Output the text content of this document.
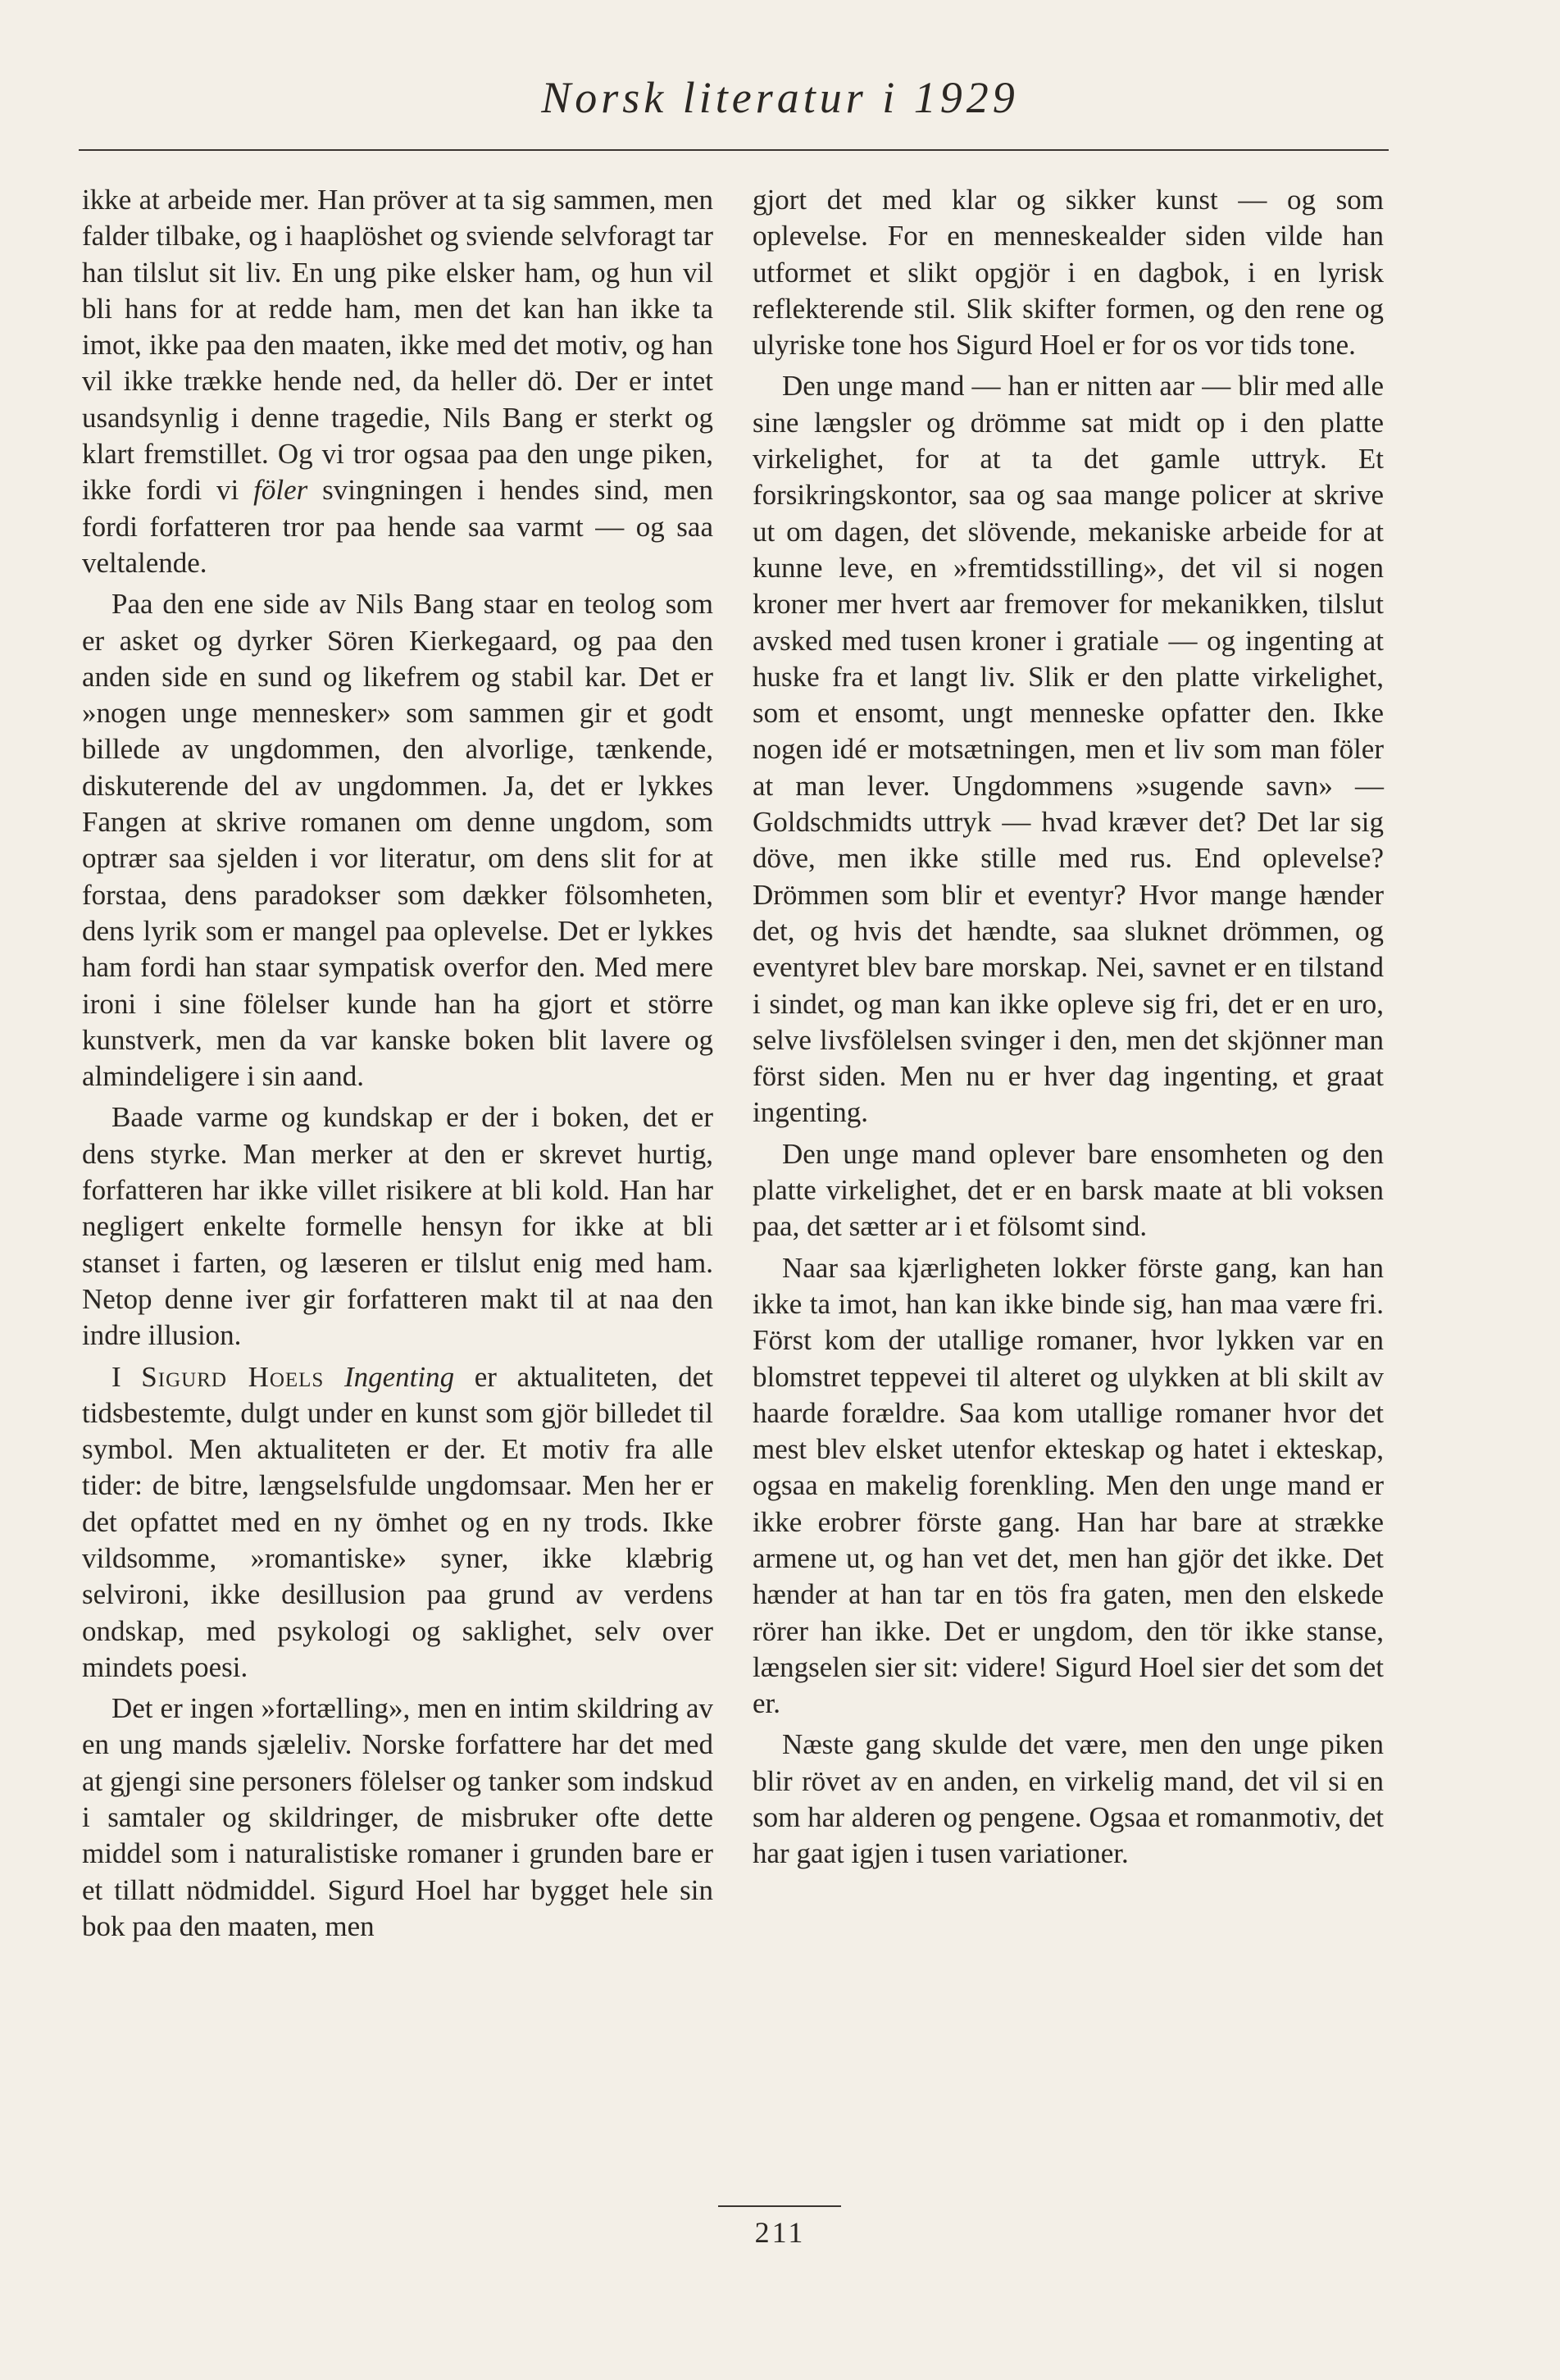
Norsk literatur i 1929

ikke at arbeide mer. Han pröver at ta sig sammen, men falder tilbake, og i haaplöshet og sviende selvforagt tar han tilslut sit liv. En ung pike elsker ham, og hun vil bli hans for at redde ham, men det kan han ikke ta imot, ikke paa den maaten, ikke med det motiv, og han vil ikke trække hende ned, da heller dö. Der er intet usandsynlig i denne tragedie, Nils Bang er sterkt og klart fremstillet. Og vi tror ogsaa paa den unge piken, ikke fordi vi föler svingningen i hendes sind, men fordi forfatteren tror paa hende saa varmt — og saa veltalende.

Paa den ene side av Nils Bang staar en teolog som er asket og dyrker Sören Kierkegaard, og paa den anden side en sund og likefrem og stabil kar. Det er »nogen unge mennesker» som sammen gir et godt billede av ungdommen, den alvorlige, tænkende, diskuterende del av ungdommen. Ja, det er lykkes Fangen at skrive romanen om denne ungdom, som optrær saa sjelden i vor literatur, om dens slit for at forstaa, dens paradokser som dækker fölsomheten, dens lyrik som er mangel paa oplevelse. Det er lykkes ham fordi han staar sympatisk overfor den. Med mere ironi i sine fölelser kunde han ha gjort et större kunstverk, men da var kanske boken blit lavere og almindeligere i sin aand.

Baade varme og kundskap er der i boken, det er dens styrke. Man merker at den er skrevet hurtig, forfatteren har ikke villet risikere at bli kold. Han har negligert enkelte formelle hensyn for ikke at bli stanset i farten, og læseren er tilslut enig med ham. Netop denne iver gir forfatteren makt til at naa den indre illusion.

I Sigurd Hoels Ingenting er aktualiteten, det tidsbestemte, dulgt under en kunst som gjör billedet til symbol. Men aktualiteten er der. Et motiv fra alle tider: de bitre, længselsfulde ungdomsaar. Men her er det opfattet med en ny ömhet og en ny trods. Ikke vildsomme, »romantiske» syner, ikke klæbrig selvironi, ikke desillusion paa grund av verdens ondskap, med psykologi og saklighet, selv over mindets poesi.

Det er ingen »fortælling», men en intim skildring av en ung mands sjæleliv. Norske forfattere har det med at gjengi sine personers fölelser og tanker som indskud i samtaler og skildringer, de misbruker ofte dette middel som i naturalistiske romaner i grunden bare er et tillatt nödmiddel. Sigurd Hoel har bygget hele sin bok paa den maaten, men

gjort det med klar og sikker kunst — og som oplevelse. For en menneskealder siden vilde han utformet et slikt opgjör i en dagbok, i en lyrisk reflekterende stil. Slik skifter formen, og den rene og ulyriske tone hos Sigurd Hoel er for os vor tids tone.

Den unge mand — han er nitten aar — blir med alle sine længsler og drömme sat midt op i den platte virkelighet, for at ta det gamle uttryk. Et forsikringskontor, saa og saa mange policer at skrive ut om dagen, det slövende, mekaniske arbeide for at kunne leve, en »fremtidsstilling», det vil si nogen kroner mer hvert aar fremover for mekanikken, tilslut avsked med tusen kroner i gratiale — og ingenting at huske fra et langt liv. Slik er den platte virkelighet, som et ensomt, ungt menneske opfatter den. Ikke nogen idé er motsætningen, men et liv som man föler at man lever. Ungdommens »sugende savn» — Goldschmidts uttryk — hvad kræver det? Det lar sig döve, men ikke stille med rus. End oplevelse? Drömmen som blir et eventyr? Hvor mange hænder det, og hvis det hændte, saa sluknet drömmen, og eventyret blev bare morskap. Nei, savnet er en tilstand i sindet, og man kan ikke opleve sig fri, det er en uro, selve livsfölelsen svinger i den, men det skjönner man först siden. Men nu er hver dag ingenting, et graat ingenting.

Den unge mand oplever bare ensomheten og den platte virkelighet, det er en barsk maate at bli voksen paa, det sætter ar i et fölsomt sind.

Naar saa kjærligheten lokker förste gang, kan han ikke ta imot, han kan ikke binde sig, han maa være fri. Först kom der utallige romaner, hvor lykken var en blomstret teppevei til alteret og ulykken at bli skilt av haarde forældre. Saa kom utallige romaner hvor det mest blev elsket utenfor ekteskap og hatet i ekteskap, ogsaa en makelig forenkling. Men den unge mand er ikke erobrer förste gang. Han har bare at strække armene ut, og han vet det, men han gjör det ikke. Det hænder at han tar en tös fra gaten, men den elskede rörer han ikke. Det er ungdom, den tör ikke stanse, længselen sier sit: videre! Sigurd Hoel sier det som det er.

Næste gang skulde det være, men den unge piken blir rövet av en anden, en virkelig mand, det vil si en som har alderen og pengene. Ogsaa et romanmotiv, det har gaat igjen i tusen variationer.

211
